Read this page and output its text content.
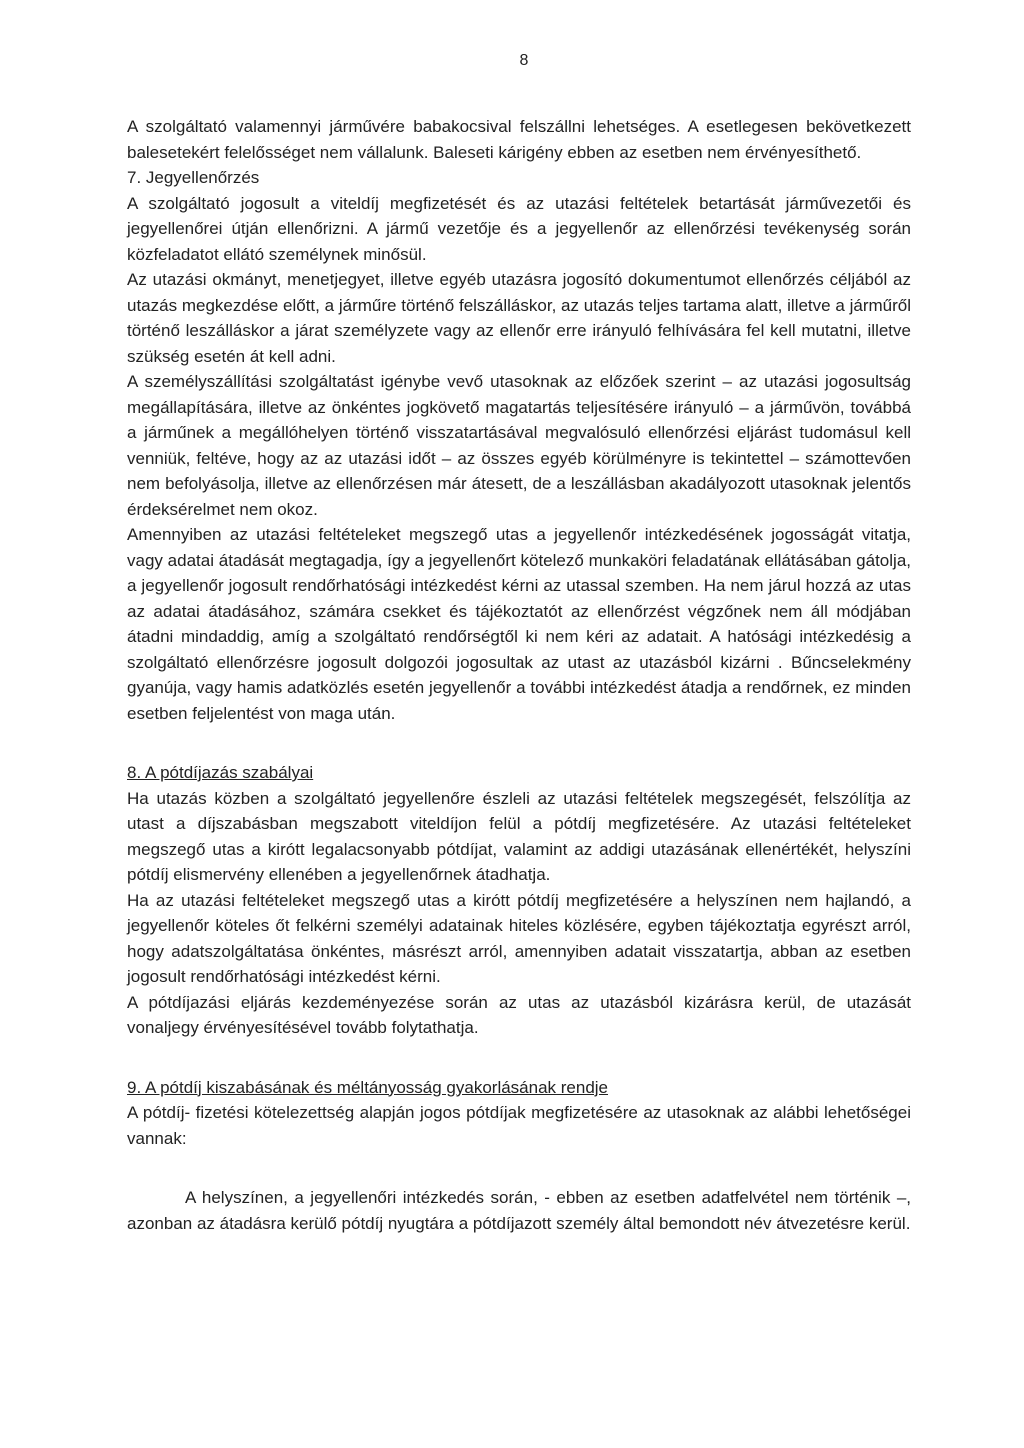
8

A szolgáltató valamennyi járművére babakocsival felszállni lehetséges. A esetlegesen bekövetkezett balesetekért felelősséget nem vállalunk. Baleseti kárigény ebben az esetben nem érvényesíthető.

7. Jegyellenőrzés

A szolgáltató jogosult a viteldíj megfizetését és az utazási feltételek betartását járművezetői és jegyellenőrei útján ellenőrizni. A jármű vezetője és a jegyellenőr az ellenőrzési tevékenység során közfeladatot ellátó személynek minősül.

Az utazási okmányt, menetjegyet, illetve egyéb utazásra jogosító dokumentumot ellenőrzés céljából az utazás megkezdése előtt, a járműre történő felszálláskor, az utazás teljes tartama alatt, illetve a járműről történő leszálláskor a járat személyzete vagy az ellenőr erre irányuló felhívására fel kell mutatni, illetve szükség esetén át kell adni.

A személyszállítási szolgáltatást igénybe vevő utasoknak az előzőek szerint – az utazási jogosultság megállapítására, illetve az önkéntes jogkövető magatartás teljesítésére irányuló – a járművön, továbbá a járműnek a megállóhelyen történő visszatartásával megvalósuló ellenőrzési eljárást tudomásul kell venniük, feltéve, hogy az az utazási időt – az összes egyéb körülményre is tekintettel – számottevően nem befolyásolja, illetve az ellenőrzésen már átesett, de a leszállásban akadályozott utasoknak jelentős érdeksérelmet nem okoz.

Amennyiben az utazási feltételeket megszegő utas a jegyellenőr intézkedésének jogosságát vitatja, vagy adatai átadását megtagadja, így a jegyellenőrt kötelező munkaköri feladatának ellátásában gátolja, a jegyellenőr jogosult rendőrhatósági intézkedést kérni az utassal szemben. Ha nem járul hozzá az utas az adatai átadásához, számára csekket és tájékoztatót az ellenőrzést végzőnek nem áll módjában átadni mindaddig, amíg a szolgáltató rendőrségtől ki nem kéri az adatait. A hatósági intézkedésig a szolgáltató ellenőrzésre jogosult dolgozói jogosultak az utast az utazásból kizárni . Bűncselekmény gyanúja, vagy hamis adatközlés esetén jegyellenőr a további intézkedést átadja a rendőrnek, ez minden esetben feljelentést von maga után.

8. A pótdíjazás szabályai

Ha utazás közben a szolgáltató jegyellenőre észleli az utazási feltételek megszegését, felszólítja az utast a díjszabásban megszabott viteldíjon felül a pótdíj megfizetésére. Az utazási feltételeket megszegő utas a kirótt legalacsonyabb pótdíjat, valamint az addigi utazásának ellenértékét, helyszíni pótdíj elismervény ellenében a jegyellenőrnek átadhatja.

Ha az utazási feltételeket megszegő utas a kirótt pótdíj megfizetésére a helyszínen nem hajlandó, a jegyellenőr köteles őt felkérni személyi adatainak hiteles közlésére, egyben tájékoztatja egyrészt arról, hogy adatszolgáltatása önkéntes, másrészt arról, amennyiben adatait visszatartja, abban az esetben jogosult rendőrhatósági intézkedést kérni.

A pótdíjazási eljárás kezdeményezése során az utas az utazásból kizárásra kerül, de utazását vonaljegy érvényesítésével tovább folytathatja.

9. A pótdíj kiszabásának és méltányosság gyakorlásának rendje

A pótdíj- fizetési kötelezettség alapján jogos pótdíjak megfizetésére az utasoknak az alábbi lehetőségei vannak:

A helyszínen, a jegyellenőri intézkedés során, - ebben az esetben adatfelvétel nem történik –, azonban az átadásra kerülő pótdíj nyugtára a pótdíjazott személy által bemondott név átvezetésre kerül.
